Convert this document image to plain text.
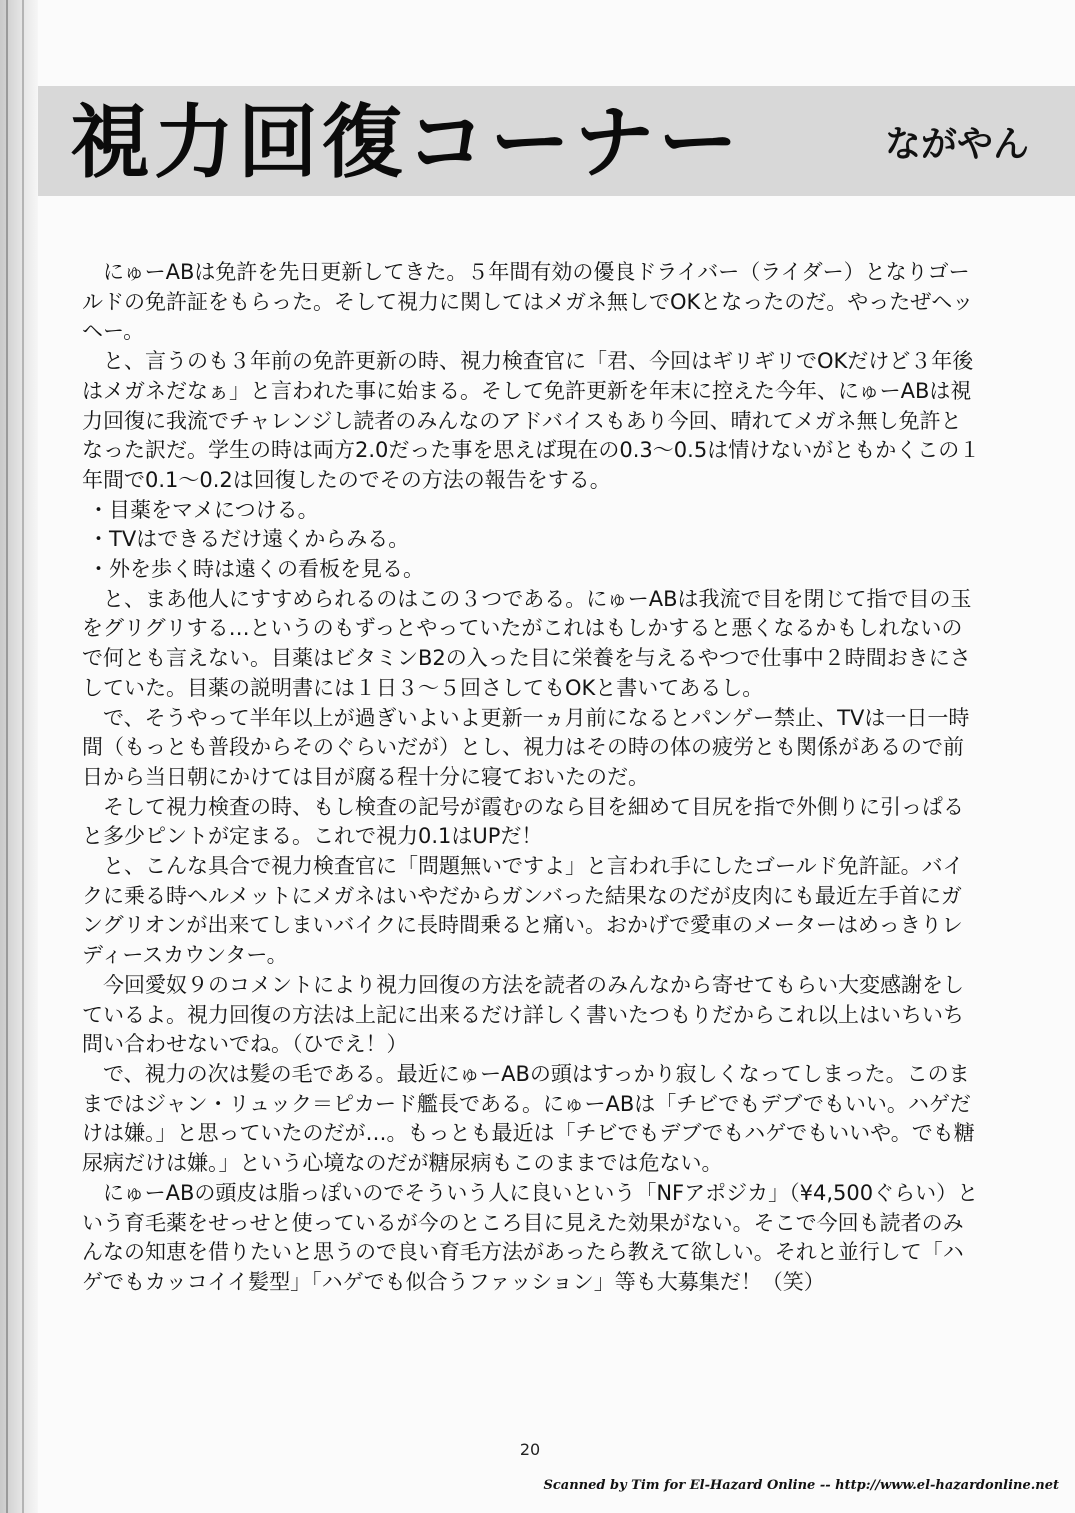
視力回復コーナー	ながやん

にゅーABは免許を先日更新してきた。５年間有効の優良ドライバー（ライダー）となりゴールドの免許証をもらった。そして視力に関してはメガネ無しでOKとなったのだ。やったぜヘッヘー。

と、言うのも３年前の免許更新の時、視力検査官に「君、今回はギリギリでOKだけど３年後はメガネだなぁ」と言われた事に始まる。そして免許更新を年末に控えた今年、にゅーABは視力回復に我流でチャレンジし読者のみんなのアドバイスもあり今回、晴れてメガネ無し免許となった訳だ。学生の時は両方2.0だった事を思えば現在の0.3〜0.5は情けないがともかくこの１年間で0.1〜0.2は回復したのでその方法の報告をする。

・目薬をマメにつける。

・TVはできるだけ遠くからみる。

・外を歩く時は遠くの看板を見る。

と、まあ他人にすすめられるのはこの３つである。にゅーABは我流で目を閉じて指で目の玉をグリグリする…というのもずっとやっていたがこれはもしかすると悪くなるかもしれないので何とも言えない。目薬はビタミンB2の入った目に栄養を与えるやつで仕事中２時間おきにさしていた。目薬の説明書には１日３〜５回さしてもOKと書いてあるし。

で、そうやって半年以上が過ぎいよいよ更新一ヵ月前になるとパンゲー禁止、TVは一日一時間（もっとも普段からそのぐらいだが）とし、視力はその時の体の疲労とも関係があるので前日から当日朝にかけては目が腐る程十分に寝ておいたのだ。

そして視力検査の時、もし検査の記号が霞むのなら目を細めて目尻を指で外側りに引っぱると多少ピントが定まる。これで視力0.1はUPだ！

と、こんな具合で視力検査官に「問題無いですよ」と言われ手にしたゴールド免許証。バイクに乗る時ヘルメットにメガネはいやだからガンバった結果なのだが皮肉にも最近左手首にガングリオンが出来てしまいバイクに長時間乗ると痛い。おかげで愛車のメーターはめっきりレディースカウンター。

今回愛奴９のコメントにより視力回復の方法を読者のみんなから寄せてもらい大変感謝をしているよ。視力回復の方法は上記に出来るだけ詳しく書いたつもりだからこれ以上はいちいち問い合わせないでね。（ひでえ！）

で、視力の次は髪の毛である。最近にゅーABの頭はすっかり寂しくなってしまった。このままではジャン・リュック＝ピカード艦長である。にゅーABは「チビでもデブでもいい。ハゲだけは嫌。」と思っていたのだが…。もっとも最近は「チビでもデブでもハゲでもいいや。でも糖尿病だけは嫌。」という心境なのだが糖尿病もこのままでは危ない。

にゅーABの頭皮は脂っぽいのでそういう人に良いという「NFアポジカ」（¥4,500ぐらい）という育毛薬をせっせと使っているが今のところ目に見えた効果がない。そこで今回も読者のみんなの知恵を借りたいと思うので良い育毛方法があったら教えて欲しい。それと並行して「ハゲでもカッコイイ髪型」「ハゲでも似合うファッション」等も大募集だ！（笑）

20
Scanned by Tim for El-Hazard Online -- http://www.el-hazardonline.net
